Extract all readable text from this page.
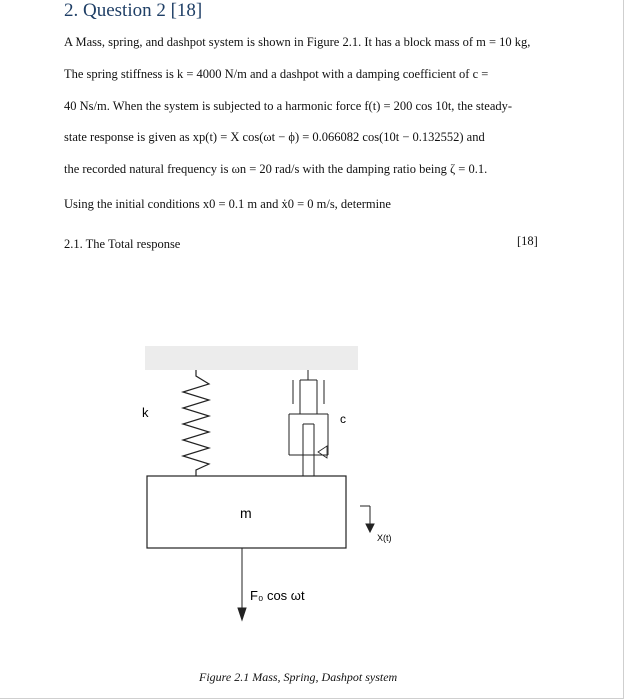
2. Question 2 [18]
A Mass, spring, and dashpot system is shown in Figure 2.1. It has a block mass of m = 10 kg,
The spring stiffness is k = 4000 N/m and a dashpot with a damping coefficient of c =
40 Ns/m. When the system is subjected to a harmonic force f(t) = 200 cos 10t, the steady-
state response is given as xp(t) = X cos(ωt − ϕ) = 0.066082 cos(10t − 0.132552) and
the recorded natural frequency is ωn = 20 rad/s with the damping ratio being ζ = 0.1.
Using the initial conditions x0 = 0.1 m and ẋ0 = 0 m/s, determine
2.1. The Total response	[18]
k	c
m
X(t)
F₀ cos ωt
Figure 2.1 Mass, Spring, Dashpot system
